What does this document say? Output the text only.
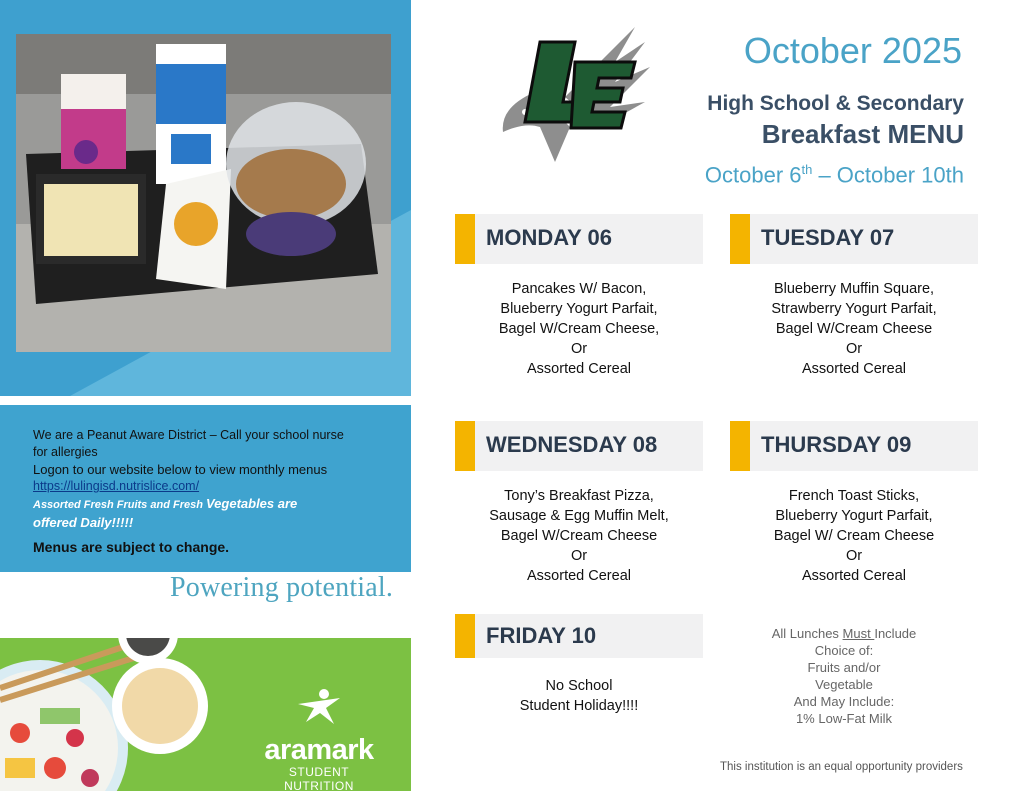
We are a Peanut Aware District – Call your school nurse
for allergies
Logon to our website below to view monthly menus
https://lulingisd.nutrislice.com/
Assorted Fresh Fruits and Fresh Vegetables are
offered Daily!!!!!
Menus are subject to change.
Powering potential.
aramark
STUDENT
NUTRITION
October 2025
High School & Secondary
Breakfast MENU
October 6th – October 10th
MONDAY 06
Pancakes W/ Bacon,
Blueberry Yogurt Parfait,
Bagel W/Cream Cheese,
Or
Assorted Cereal
TUESDAY 07
Blueberry Muffin Square,
Strawberry Yogurt Parfait,
Bagel W/Cream Cheese
Or
Assorted Cereal
WEDNESDAY 08
Tony’s Breakfast Pizza,
Sausage & Egg Muffin Melt,
Bagel W/Cream Cheese
Or
Assorted Cereal
THURSDAY 09
French Toast Sticks,
Blueberry Yogurt Parfait,
Bagel W/ Cream Cheese
Or
Assorted Cereal
FRIDAY 10
No School
Student Holiday!!!!
All Lunches Must Include
Choice of:
Fruits and/or
Vegetable
And May Include:
1% Low-Fat Milk
This institution is an equal opportunity providers
